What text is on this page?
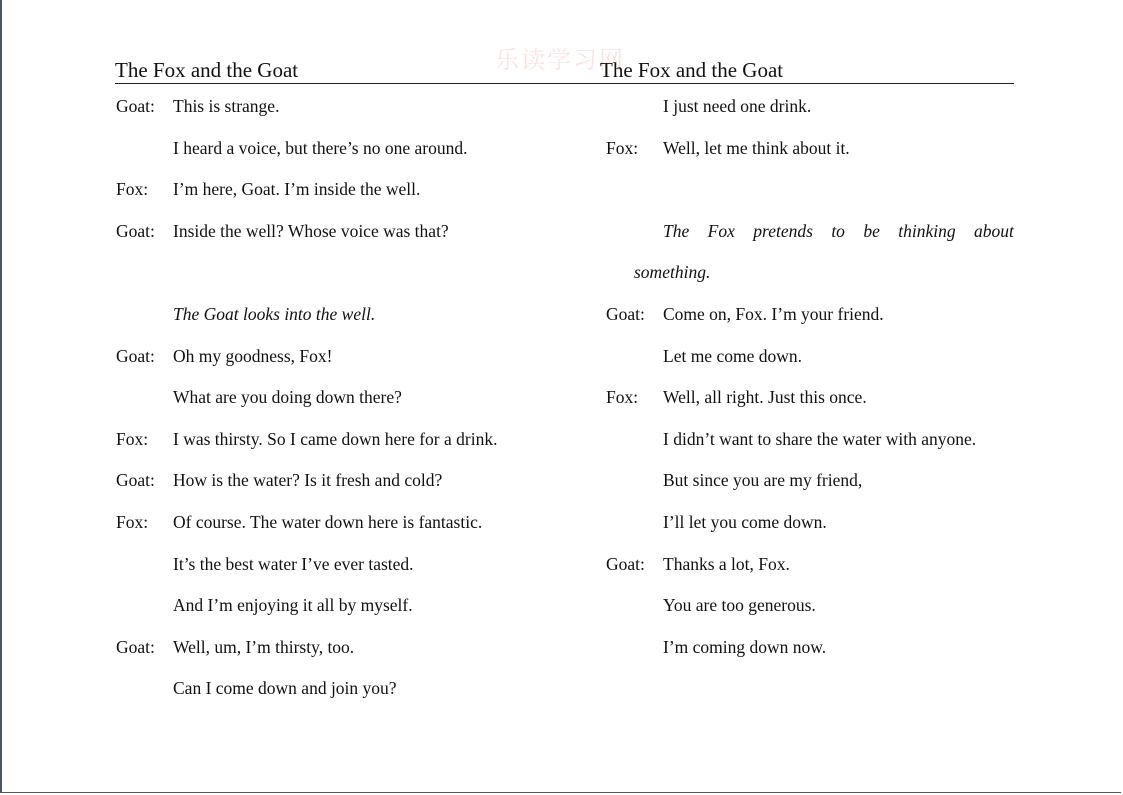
The Fox and the Goat	The Fox and the Goat
乐读学习网
Goat: This is strange.
I heard a voice, but there’s no one around.
Fox: I’m here, Goat. I’m inside the well.
Goat: Inside the well? Whose voice was that?
The Goat looks into the well.
Goat: Oh my goodness, Fox!
What are you doing down there?
Fox: I was thirsty. So I came down here for a drink.
Goat: How is the water? Is it fresh and cold?
Fox: Of course. The water down here is fantastic.
It’s the best water I’ve ever tasted.
And I’m enjoying it all by myself.
Goat: Well, um, I’m thirsty, too.
Can I come down and join you?
I just need one drink.
Fox: Well, let me think about it.
The Fox pretends to be thinking about
something.
Goat: Come on, Fox. I’m your friend.
Let me come down.
Fox: Well, all right. Just this once.
I didn’t want to share the water with anyone.
But since you are my friend,
I’ll let you come down.
Goat: Thanks a lot, Fox.
You are too generous.
I’m coming down now.
